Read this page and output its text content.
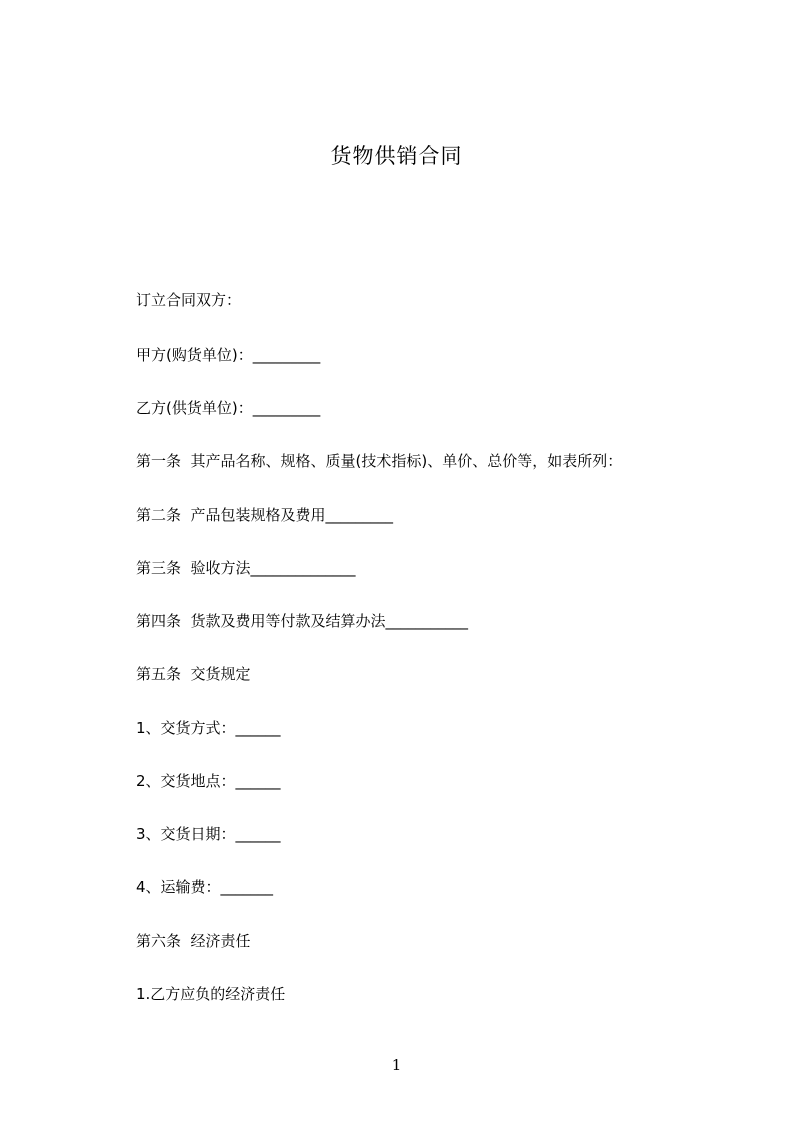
货物供销合同

订立合同双方：

甲方(购货单位)：_________

乙方(供货单位)：_________

第一条  其产品名称、规格、质量(技术指标)、单价、总价等，如表所列：

第二条  产品包装规格及费用_________

第三条  验收方法______________

第四条  货款及费用等付款及结算办法___________

第五条  交货规定

1、交货方式：______

2、交货地点：______

3、交货日期：______

4、运输费：_______

第六条  经济责任

1.乙方应负的经济责任

1
